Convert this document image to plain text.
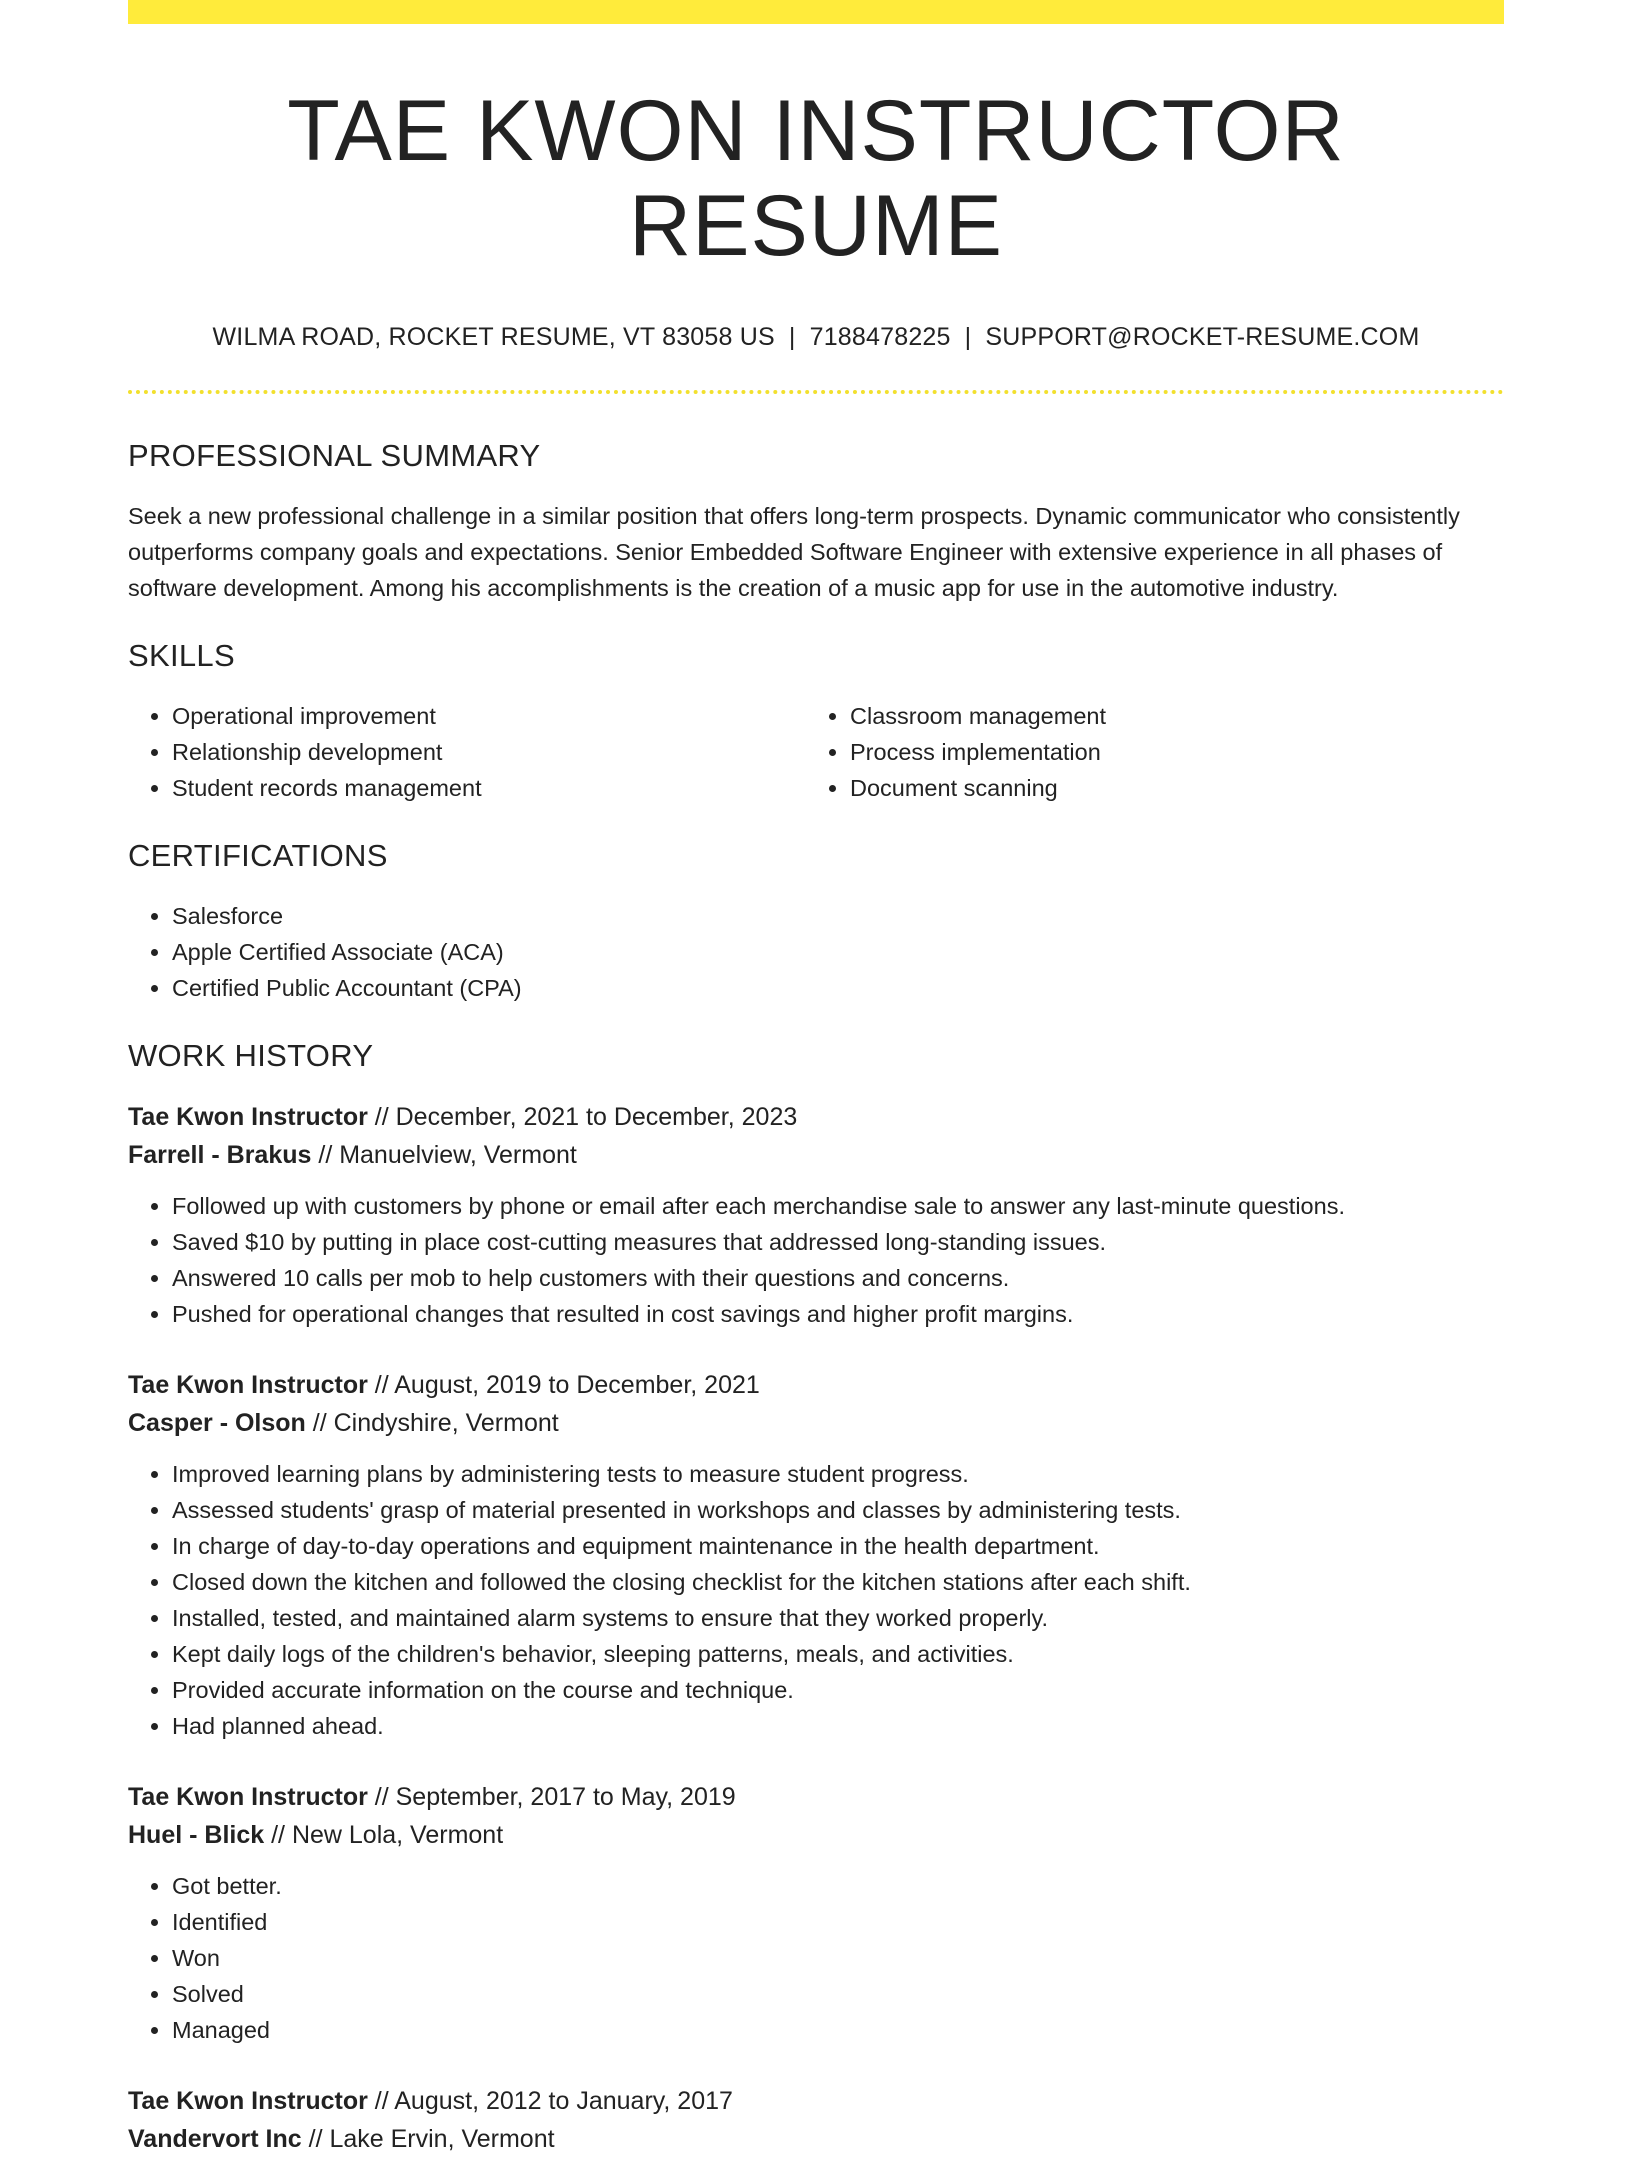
TAE KWON INSTRUCTOR RESUME
WILMA ROAD, ROCKET RESUME, VT 83058 US | 7188478225 | SUPPORT@ROCKET-RESUME.COM
PROFESSIONAL SUMMARY
Seek a new professional challenge in a similar position that offers long-term prospects. Dynamic communicator who consistently outperforms company goals and expectations. Senior Embedded Software Engineer with extensive experience in all phases of software development. Among his accomplishments is the creation of a music app for use in the automotive industry.
SKILLS
• Operational improvement
• Relationship development
• Student records management
• Classroom management
• Process implementation
• Document scanning
CERTIFICATIONS
• Salesforce
• Apple Certified Associate (ACA)
• Certified Public Accountant (CPA)
WORK HISTORY
Tae Kwon Instructor // December, 2021 to December, 2023
Farrell - Brakus // Manuelview, Vermont
• Followed up with customers by phone or email after each merchandise sale to answer any last-minute questions.
• Saved $10 by putting in place cost-cutting measures that addressed long-standing issues.
• Answered 10 calls per mob to help customers with their questions and concerns.
• Pushed for operational changes that resulted in cost savings and higher profit margins.
Tae Kwon Instructor // August, 2019 to December, 2021
Casper - Olson // Cindyshire, Vermont
• Improved learning plans by administering tests to measure student progress.
• Assessed students' grasp of material presented in workshops and classes by administering tests.
• In charge of day-to-day operations and equipment maintenance in the health department.
• Closed down the kitchen and followed the closing checklist for the kitchen stations after each shift.
• Installed, tested, and maintained alarm systems to ensure that they worked properly.
• Kept daily logs of the children's behavior, sleeping patterns, meals, and activities.
• Provided accurate information on the course and technique.
• Had planned ahead.
Tae Kwon Instructor // September, 2017 to May, 2019
Huel - Blick // New Lola, Vermont
• Got better.
• Identified
• Won
• Solved
• Managed
Tae Kwon Instructor // August, 2012 to January, 2017
Vandervort Inc // Lake Ervin, Vermont
